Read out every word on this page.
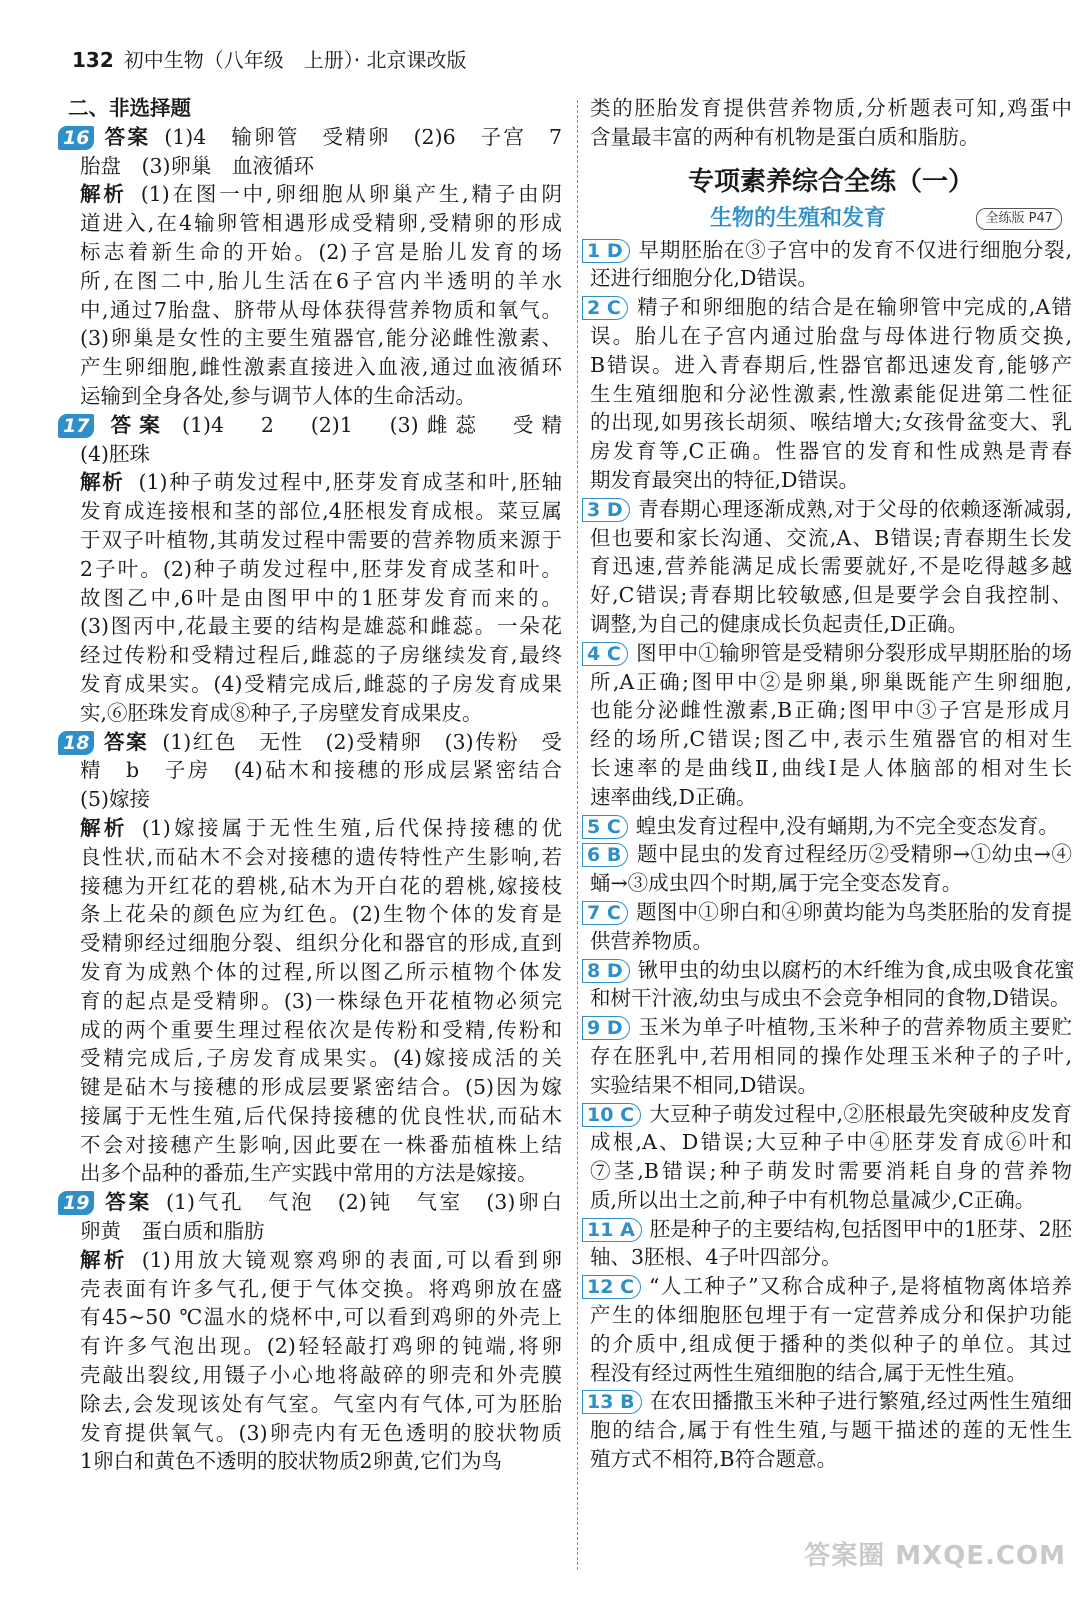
132 初中生物（八年级　上册）· 北京课改版
二、非选择题
16 答案 (1)4　输卵管　受精卵　(2)6　子宫　7
胎盘　(3)卵巢　血液循环
解析 (1)在图一中,卵细胞从卵巢产生,精子由阴
道进入,在4输卵管相遇形成受精卵,受精卵的形成
标志着新生命的开始。(2)子宫是胎儿发育的场
所,在图二中,胎儿生活在6子宫内半透明的羊水
中,通过7胎盘、脐带从母体获得营养物质和氧气。
(3)卵巢是女性的主要生殖器官,能分泌雌性激素、
产生卵细胞,雌性激素直接进入血液,通过血液循环
运输到全身各处,参与调节人体的生命活动。
17 答案 (1)4　2　(2)1　(3)雌蕊　受精
(4)胚珠
解析 (1)种子萌发过程中,胚芽发育成茎和叶,胚轴
发育成连接根和茎的部位,4胚根发育成根。菜豆属
于双子叶植物,其萌发过程中需要的营养物质来源于
2子叶。(2)种子萌发过程中,胚芽发育成茎和叶。
故图乙中,6叶是由图甲中的1胚芽发育而来的。
(3)图丙中,花最主要的结构是雄蕊和雌蕊。一朵花
经过传粉和受精过程后,雌蕊的子房继续发育,最终
发育成果实。(4)受精完成后,雌蕊的子房发育成果
实,⑥胚珠发育成⑧种子,子房壁发育成果皮。
18 答案 (1)红色　无性　(2)受精卵　(3)传粉　受
精　b　子房　(4)砧木和接穗的形成层紧密结合
(5)嫁接
解析 (1)嫁接属于无性生殖,后代保持接穗的优
良性状,而砧木不会对接穗的遗传特性产生影响,若
接穗为开红花的碧桃,砧木为开白花的碧桃,嫁接枝
条上花朵的颜色应为红色。(2)生物个体的发育是
受精卵经过细胞分裂、组织分化和器官的形成,直到
发育为成熟个体的过程,所以图乙所示植物个体发
育的起点是受精卵。(3)一株绿色开花植物必须完
成的两个重要生理过程依次是传粉和受精,传粉和
受精完成后,子房发育成果实。(4)嫁接成活的关
键是砧木与接穗的形成层要紧密结合。(5)因为嫁
接属于无性生殖,后代保持接穗的优良性状,而砧木
不会对接穗产生影响,因此要在一株番茄植株上结
出多个品种的番茄,生产实践中常用的方法是嫁接。
19 答案 (1)气孔　气泡　(2)钝　气室　(3)卵白
卵黄　蛋白质和脂肪
解析 (1)用放大镜观察鸡卵的表面,可以看到卵
壳表面有许多气孔,便于气体交换。将鸡卵放在盛
有45~50 ℃温水的烧杯中,可以看到鸡卵的外壳上
有许多气泡出现。(2)轻轻敲打鸡卵的钝端,将卵
壳敲出裂纹,用镊子小心地将敲碎的卵壳和外壳膜
除去,会发现该处有气室。气室内有气体,可为胚胎
发育提供氧气。(3)卵壳内有无色透明的胶状物质
1卵白和黄色不透明的胶状物质2卵黄,它们为鸟
类的胚胎发育提供营养物质,分析题表可知,鸡蛋中
含量最丰富的两种有机物是蛋白质和脂肪。
专项素养综合全练（一）
生物的生殖和发育	全练版 P47
1 D 早期胚胎在③子宫中的发育不仅进行细胞分裂,
还进行细胞分化,D错误。
2 C 精子和卵细胞的结合是在输卵管中完成的,A错
误。胎儿在子宫内通过胎盘与母体进行物质交换,
B错误。进入青春期后,性器官都迅速发育,能够产
生生殖细胞和分泌性激素,性激素能促进第二性征
的出现,如男孩长胡须、喉结增大;女孩骨盆变大、乳
房发育等,C正确。性器官的发育和性成熟是青春
期发育最突出的特征,D错误。
3 D 青春期心理逐渐成熟,对于父母的依赖逐渐减弱,
但也要和家长沟通、交流,A、B错误;青春期生长发
育迅速,营养能满足成长需要就好,不是吃得越多越
好,C错误;青春期比较敏感,但是要学会自我控制、
调整,为自己的健康成长负起责任,D正确。
4 C 图甲中①输卵管是受精卵分裂形成早期胚胎的场
所,A正确;图甲中②是卵巢,卵巢既能产生卵细胞,
也能分泌雌性激素,B正确;图甲中③子宫是形成月
经的场所,C错误;图乙中,表示生殖器官的相对生
长速率的是曲线Ⅱ,曲线Ⅰ是人体脑部的相对生长
速率曲线,D正确。
5 C 蝗虫发育过程中,没有蛹期,为不完全变态发育。
6 B 题中昆虫的发育过程经历②受精卵→①幼虫→④
蛹→③成虫四个时期,属于完全变态发育。
7 C 题图中①卵白和④卵黄均能为鸟类胚胎的发育提
供营养物质。
8 D 锹甲虫的幼虫以腐朽的木纤维为食,成虫吸食花蜜
和树干汁液,幼虫与成虫不会竞争相同的食物,D错误。
9 D 玉米为单子叶植物,玉米种子的营养物质主要贮
存在胚乳中,若用相同的操作处理玉米种子的子叶,
实验结果不相同,D错误。
10 C 大豆种子萌发过程中,②胚根最先突破种皮发育
成根,A、D错误;大豆种子中④胚芽发育成⑥叶和
⑦茎,B错误;种子萌发时需要消耗自身的营养物
质,所以出土之前,种子中有机物总量减少,C正确。
11 A 胚是种子的主要结构,包括图甲中的1胚芽、2胚
轴、3胚根、4子叶四部分。
12 C “人工种子”又称合成种子,是将植物离体培养
产生的体细胞胚包埋于有一定营养成分和保护功能
的介质中,组成便于播种的类似种子的单位。其过
程没有经过两性生殖细胞的结合,属于无性生殖。
13 B 在农田播撒玉米种子进行繁殖,经过两性生殖细
胞的结合,属于有性生殖,与题干描述的莲的无性生
殖方式不相符,B符合题意。
答案圈 MXQE.COM
